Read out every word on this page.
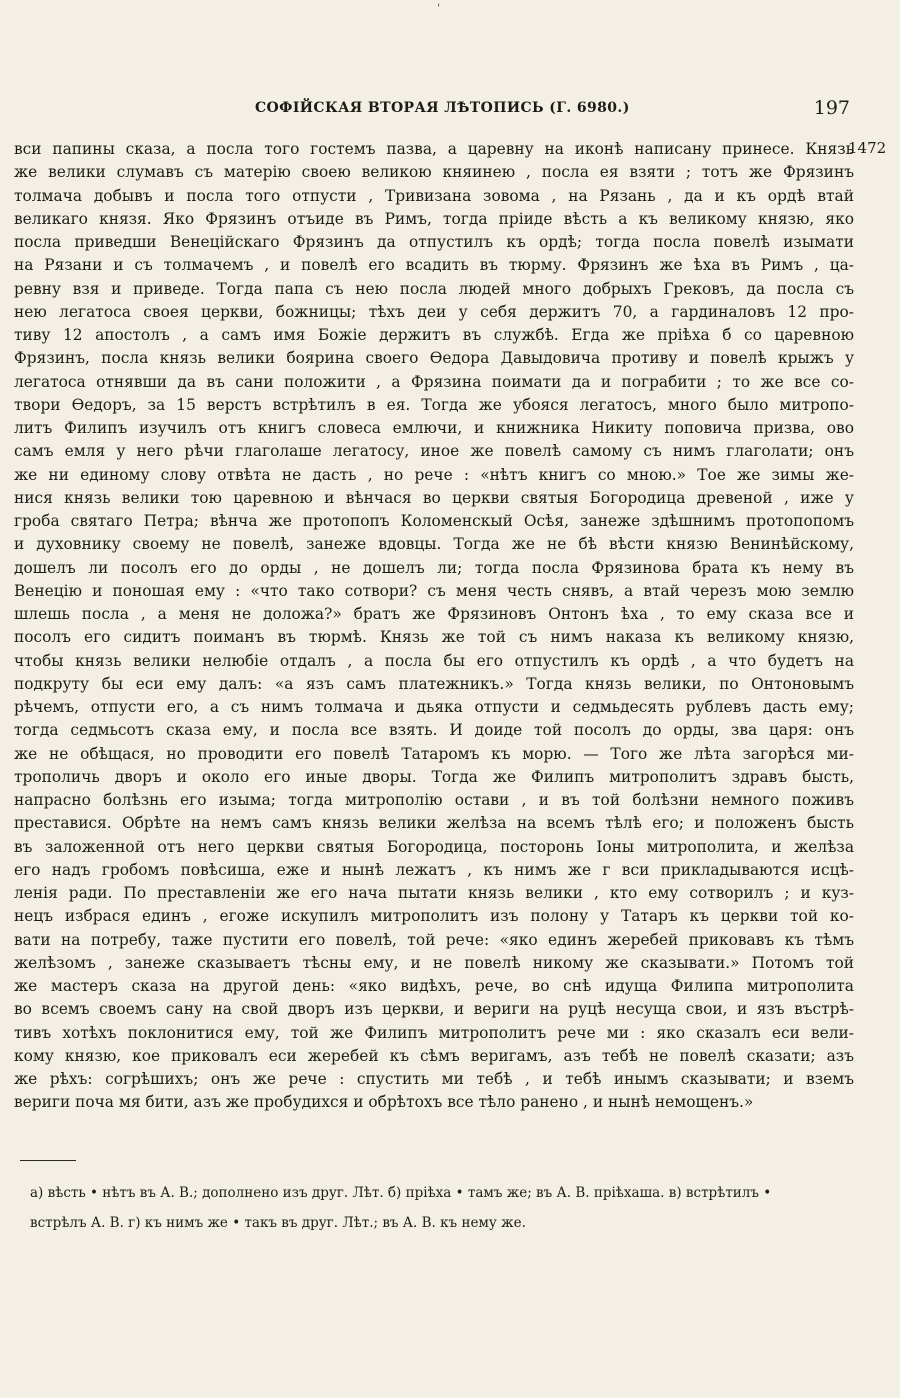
ˈ
СОФІЙСКАЯ ВТОРАЯ ЛѢТОПИСЬ (Г. 6980.)	197
1472
вси папины сказа, а посла того гостемъ пазва, а царевну на иконѣ написану принесе. Князь
же велики слумавъ съ матерію своею великою княинею , посла ея взяти ; тотъ же Фрязинъ
толмача добывъ и посла того отпусти , Тривизана зовома , на Рязань , да и къ ордѣ втай
великаго князя. Яко Фрязинъ отъиде въ Римъ, тогда пріиде вѣсть а къ великому князю, яко
посла приведши Венеційскаго Фрязинъ да отпустилъ къ ордѣ; тогда посла повелѣ изымати
на Рязани и съ толмачемъ , и повелѣ его всадить въ тюрму. Фрязинъ же ѣха въ Римъ , ца-
ревну взя и приведе. Тогда папа съ нею посла людей много добрыхъ Грековъ, да посла съ
нею легатоса своея церкви, божницы; тѣхъ деи у себя держитъ 70, а гардиналовъ 12 про-
тиву 12 апостолъ , а самъ имя Божіе держитъ въ службѣ. Егда же пріѣха б со царевною
Фрязинъ, посла князь велики боярина своего Ѳедора Давыдовича противу и повелѣ крыжъ у
легатоса отнявши да въ сани положити , а Фрязина поимати да и пограбити ; то же все со-
твори Ѳедоръ, за 15 верстъ встрѣтилъ в ея. Тогда же убояся легатосъ, много было митропо-
литъ Филипъ изучилъ отъ книгъ словеса емлючи, и книжника Никиту поповича призва, ово
самъ емля у него рѣчи глаголаше легатосу, иное же повелѣ самому съ нимъ глаголати; онъ
же ни единому слову отвѣта не дасть , но рече : «нѣтъ книгъ со мною.» Тое же зимы же-
нися князь велики тою царевною и вѣнчася во церкви святыя Богородица древеной , иже у
гроба святаго Петра; вѣнча же протопопъ Коломенскый Осѣя, занеже здѣшнимъ протопопомъ
и духовнику своему не повелѣ, занеже вдовцы. Тогда же не бѣ вѣсти князю Венинѣйскому,
дошелъ ли посолъ его до орды , не дошелъ ли; тогда посла Фрязинова брата къ нему въ
Венецію и поношая ему : «что тако сотвори? съ меня честь снявъ, а втай черезъ мою землю
шлешь посла , а меня не доложа?» братъ же Фрязиновъ Онтонъ ѣха , то ему сказа все и
посолъ его сидитъ поиманъ въ тюрмѣ. Князь же той съ нимъ наказа къ великому князю,
чтобы князь велики нелюбіе отдалъ , а посла бы его отпустилъ къ ордѣ , а что будетъ на
подкруту бы еси ему далъ: «а язъ самъ платежникъ.» Тогда князь велики, по Онтоновымъ
рѣчемъ, отпусти его, а съ нимъ толмача и дьяка отпусти и седмьдесять рублевъ дасть ему;
тогда седмьсотъ сказа ему, и посла все взять. И доиде той посолъ до орды, зва царя: онъ
же не обѣщася, но проводити его повелѣ Татаромъ къ морю. — Того же лѣта загорѣся ми-
трополичь дворъ и около его иные дворы. Тогда же Филипъ митрополитъ здравъ бысть,
напрасно болѣзнь его изыма; тогда митрополію остави , и въ той болѣзни немного поживъ
преставися. Обрѣте на немъ самъ князь велики желѣза на всемъ тѣлѣ его; и положенъ бысть
въ заложенной отъ него церкви святыя Богородица, посторонь Іоны митрополита, и желѣза
его надъ гробомъ повѣсиша, еже и нынѣ лежатъ , къ нимъ же г вси прикладываются исцѣ-
ленія ради. По преставленіи же его нача пытати князь велики , кто ему сотворилъ ; и куз-
нецъ избрася единъ , егоже искупилъ митрополитъ изъ полону у Татаръ къ церкви той ко-
вати на потребу, таже пустити его повелѣ, той рече: «яко единъ жеребей приковавъ къ тѣмъ
желѣзомъ , занеже сказываетъ тѣсны ему, и не повелѣ никому же сказывати.» Потомъ той
же мастеръ сказа на другой день: «яко видѣхъ, рече, во снѣ идуща Филипа митрополита
во всемъ своемъ сану на свой дворъ изъ церкви, и вериги на руцѣ несуща свои, и язъ въстрѣ-
тивъ хотѣхъ поклонитися ему, той же Филипъ митрополитъ рече ми : яко сказалъ еси вели-
кому князю, кое приковалъ еси жеребей къ сѣмъ веригамъ, азъ тебѣ не повелѣ сказати; азъ
же рѣхъ: согрѣшихъ; онъ же рече : спустить ми тебѣ , и тебѣ инымъ сказывати; и вземъ
вериги поча мя бити, азъ же пробудихся и обрѣтохъ все тѣло ранено , и нынѣ немощенъ.»
а) вѣсть • нѣтъ въ А. В.; дополнено изъ друг. Лѣт. б) пріѣха • тамъ же; въ А. В. пріѣхаша. в) встрѣтилъ •
встрѣлъ А. В. г) къ нимъ же • такъ въ друг. Лѣт.; въ А. В. къ нему же.
